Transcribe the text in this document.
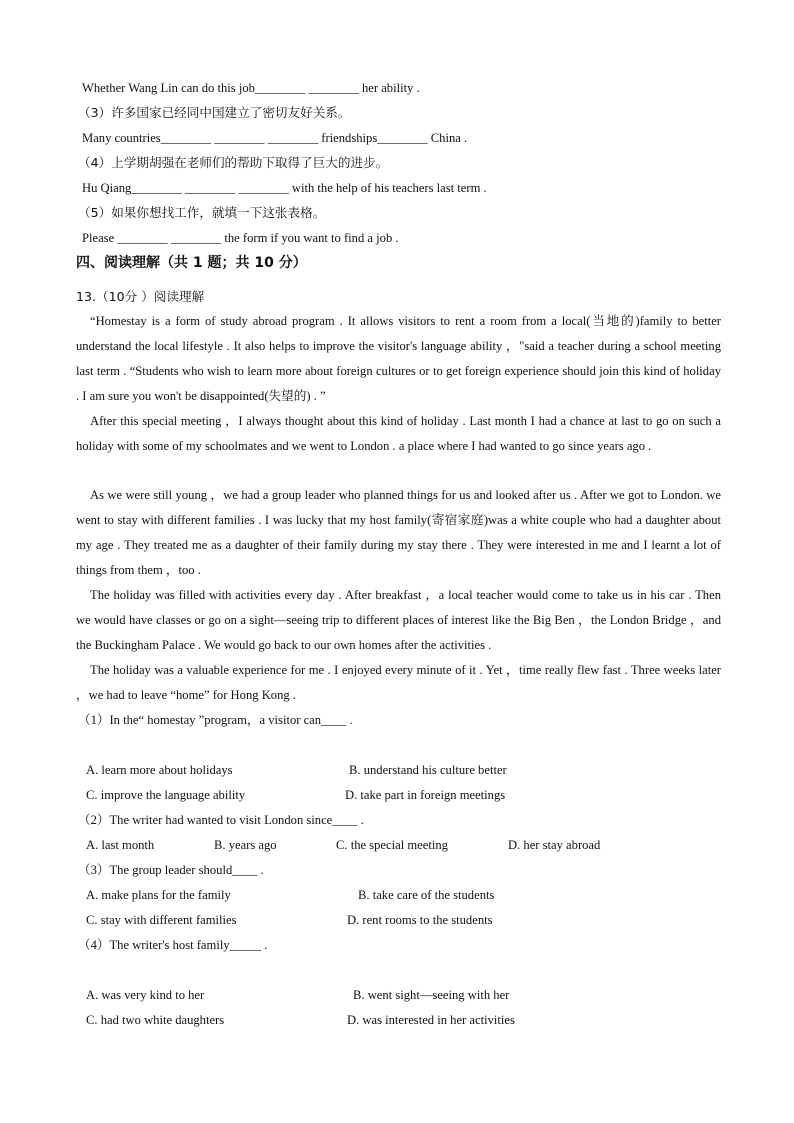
Whether Wang Lin can do this job________ ________ her ability .
（3）许多国家已经同中国建立了密切友好关系。
Many countries________ ________ ________ friendships________ China .
（4）上学期胡强在老师们的帮助下取得了巨大的进步。
Hu Qiang________ ________ ________ with the help of his teachers last term .
（5）如果你想找工作，就填一下这张表格。
Please ________ ________ the form if you want to find a job .
四、阅读理解（共 1 题；共 10 分）
13.（10分 ）阅读理解
“Homestay is a form of study abroad program . It allows visitors to rent a room from a local(当地的)family to better understand the local lifestyle . It also helps to improve the visitor's language ability ，"said a teacher during a school meeting last term . “Students who wish to learn more about foreign cultures or to get foreign experience should join this kind of holiday . I am sure you won't be disappointed(失望的) . ”
After this special meeting ，I always thought about this kind of holiday . Last month I had a chance at last to go on such a holiday with some of my schoolmates and we went to London . a place where I had wanted to go since years ago .
As we were still young ，we had a group leader who planned things for us and looked after us . After we got to London. we went to stay with different families . I was lucky that my host family(寄宿家庭)was a white couple who had a daughter about my age . They treated me as a daughter of their family during my stay there . They were interested in me and I learnt a lot of things from them ，too .
The holiday was filled with activities every day . After breakfast ，a local teacher would come to take us in his car . Then we would have classes or go on a sight—seeing trip to different places of interest like the Big Ben ，the London Bridge ，and the Buckingham Palace . We would go back to our own homes after the activities .
The holiday was a valuable experience for me . I enjoyed every minute of it . Yet ，time really flew fast . Three weeks later ，we had to leave “home” for Hong Kong .
（1）In the“ homestay ”program，a visitor can____ .
A. learn more about holidays	B. understand his culture better
C. improve the language ability	D. take part in foreign meetings
（2）The writer had wanted to visit London since____ .
A. last month	B. years ago	C. the special meeting	D. her stay abroad
（3）The group leader should____ .
A. make plans for the family	B. take care of the students
C. stay with different families	D. rent rooms to the students
（4）The writer's host family_____ .
A. was very kind to her	B. went sight—seeing with her
C. had two white daughters	D. was interested in her activities
